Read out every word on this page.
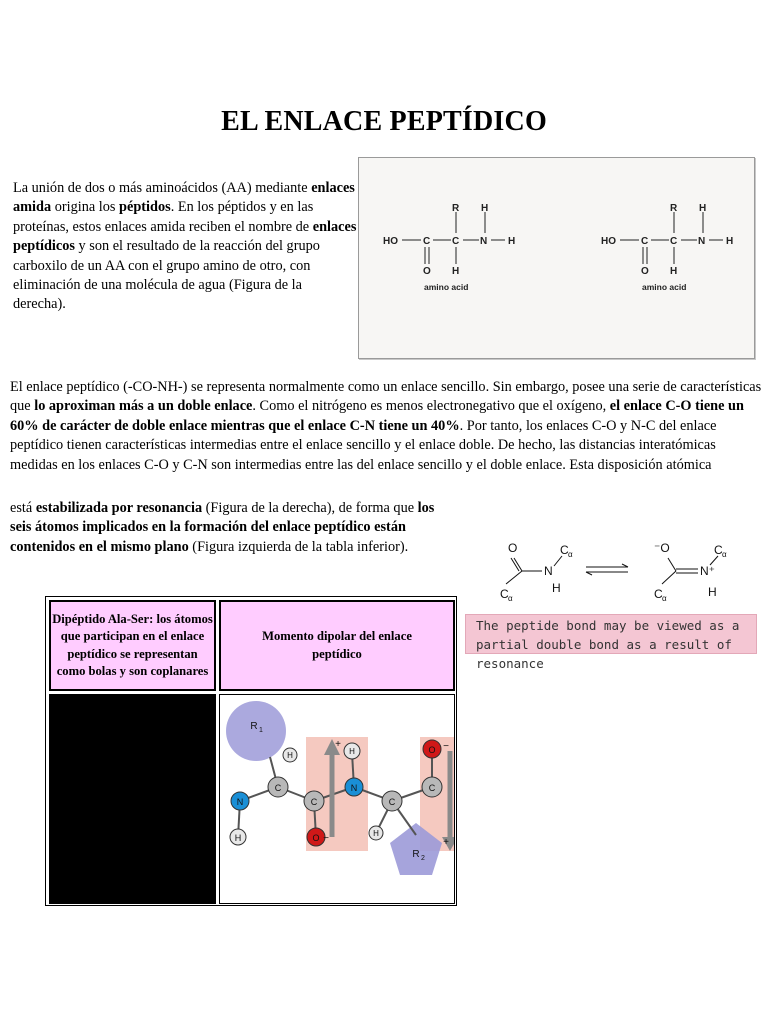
EL ENLACE PEPTÍDICO
La unión de dos o más aminoácidos (AA) mediante enlaces amida origina los péptidos. En los péptidos y en las proteínas, estos enlaces amida reciben el nombre de enlaces peptídicos y son el resultado de la reacción del grupo carboxilo de un AA con el grupo amino de otro, con eliminación de una molécula de agua (Figura de la derecha).
HO	C C N H
R H
O H
amino acid
HO	C C N H
R H
O H
amino acid
El enlace peptídico (-CO-NH-) se representa normalmente como un enlace sencillo. Sin embargo, posee una serie de características que lo aproximan más a un doble enlace. Como el nitrógeno es menos electronegativo que el oxígeno, el enlace C-O tiene un 60% de carácter de doble enlace mientras que el enlace C-N tiene un 40%. Por tanto, los enlaces C-O y N-C del enlace peptídico tienen características intermedias entre el enlace sencillo y el enlace doble. De hecho, las distancias interatómicas medidas en los enlaces C-O y C-N son intermedias entre las del enlace sencillo y el doble enlace. Esta disposición atómica
está estabilizada por resonancia (Figura de la derecha), de forma que los seis átomos implicados en la formación del enlace peptídico están contenidos en el mismo plano (Figura izquierda de la tabla inferior).	O
N
C α
H
C α
⁻O
N⁺
C α
H
C α
The peptide bond may be viewed as a partial double bond as a result of resonance
Dipéptido Ala-Ser: los átomos que participan en el enlace peptídico se representan como bolas y son coplanares
Momento dipolar del enlace peptídico
R 1
R 2
N
H
C
H
C
O
N
H
C
H
C
O
+
−
−
+
